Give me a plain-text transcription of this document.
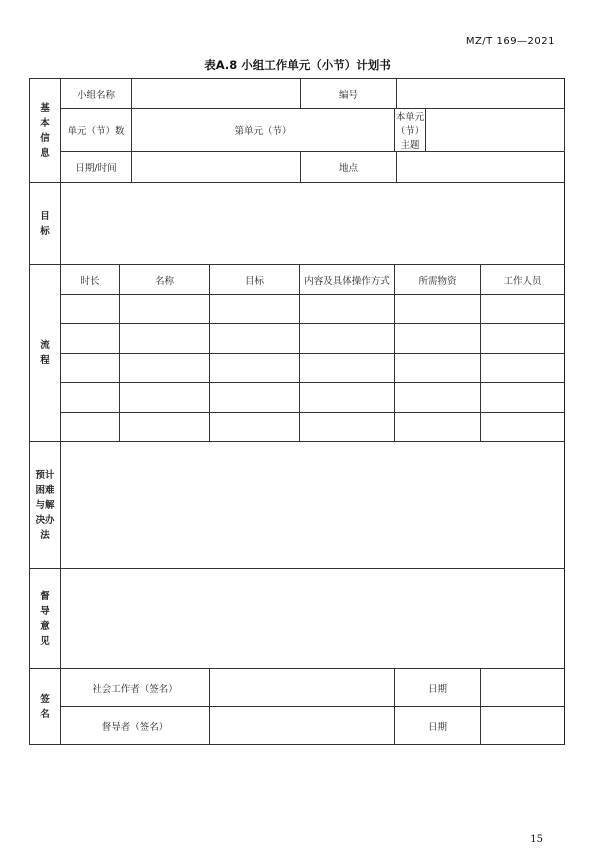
MZ/T 169—2021
表A.8 小组工作单元（小节）计划书
基本信息	小组名称				编号				
	单元（节）数		第单元（节）			本单元（节）主题			
	日期/时间				地点				

目标									

流程	时长	名称		目标	内容及具体操作方式	所需物资			工作人员

预计困难与解决办法									

督导意见									

签名	社会工作者（签名）					日期			
	督导者（签名）					日期			
15
